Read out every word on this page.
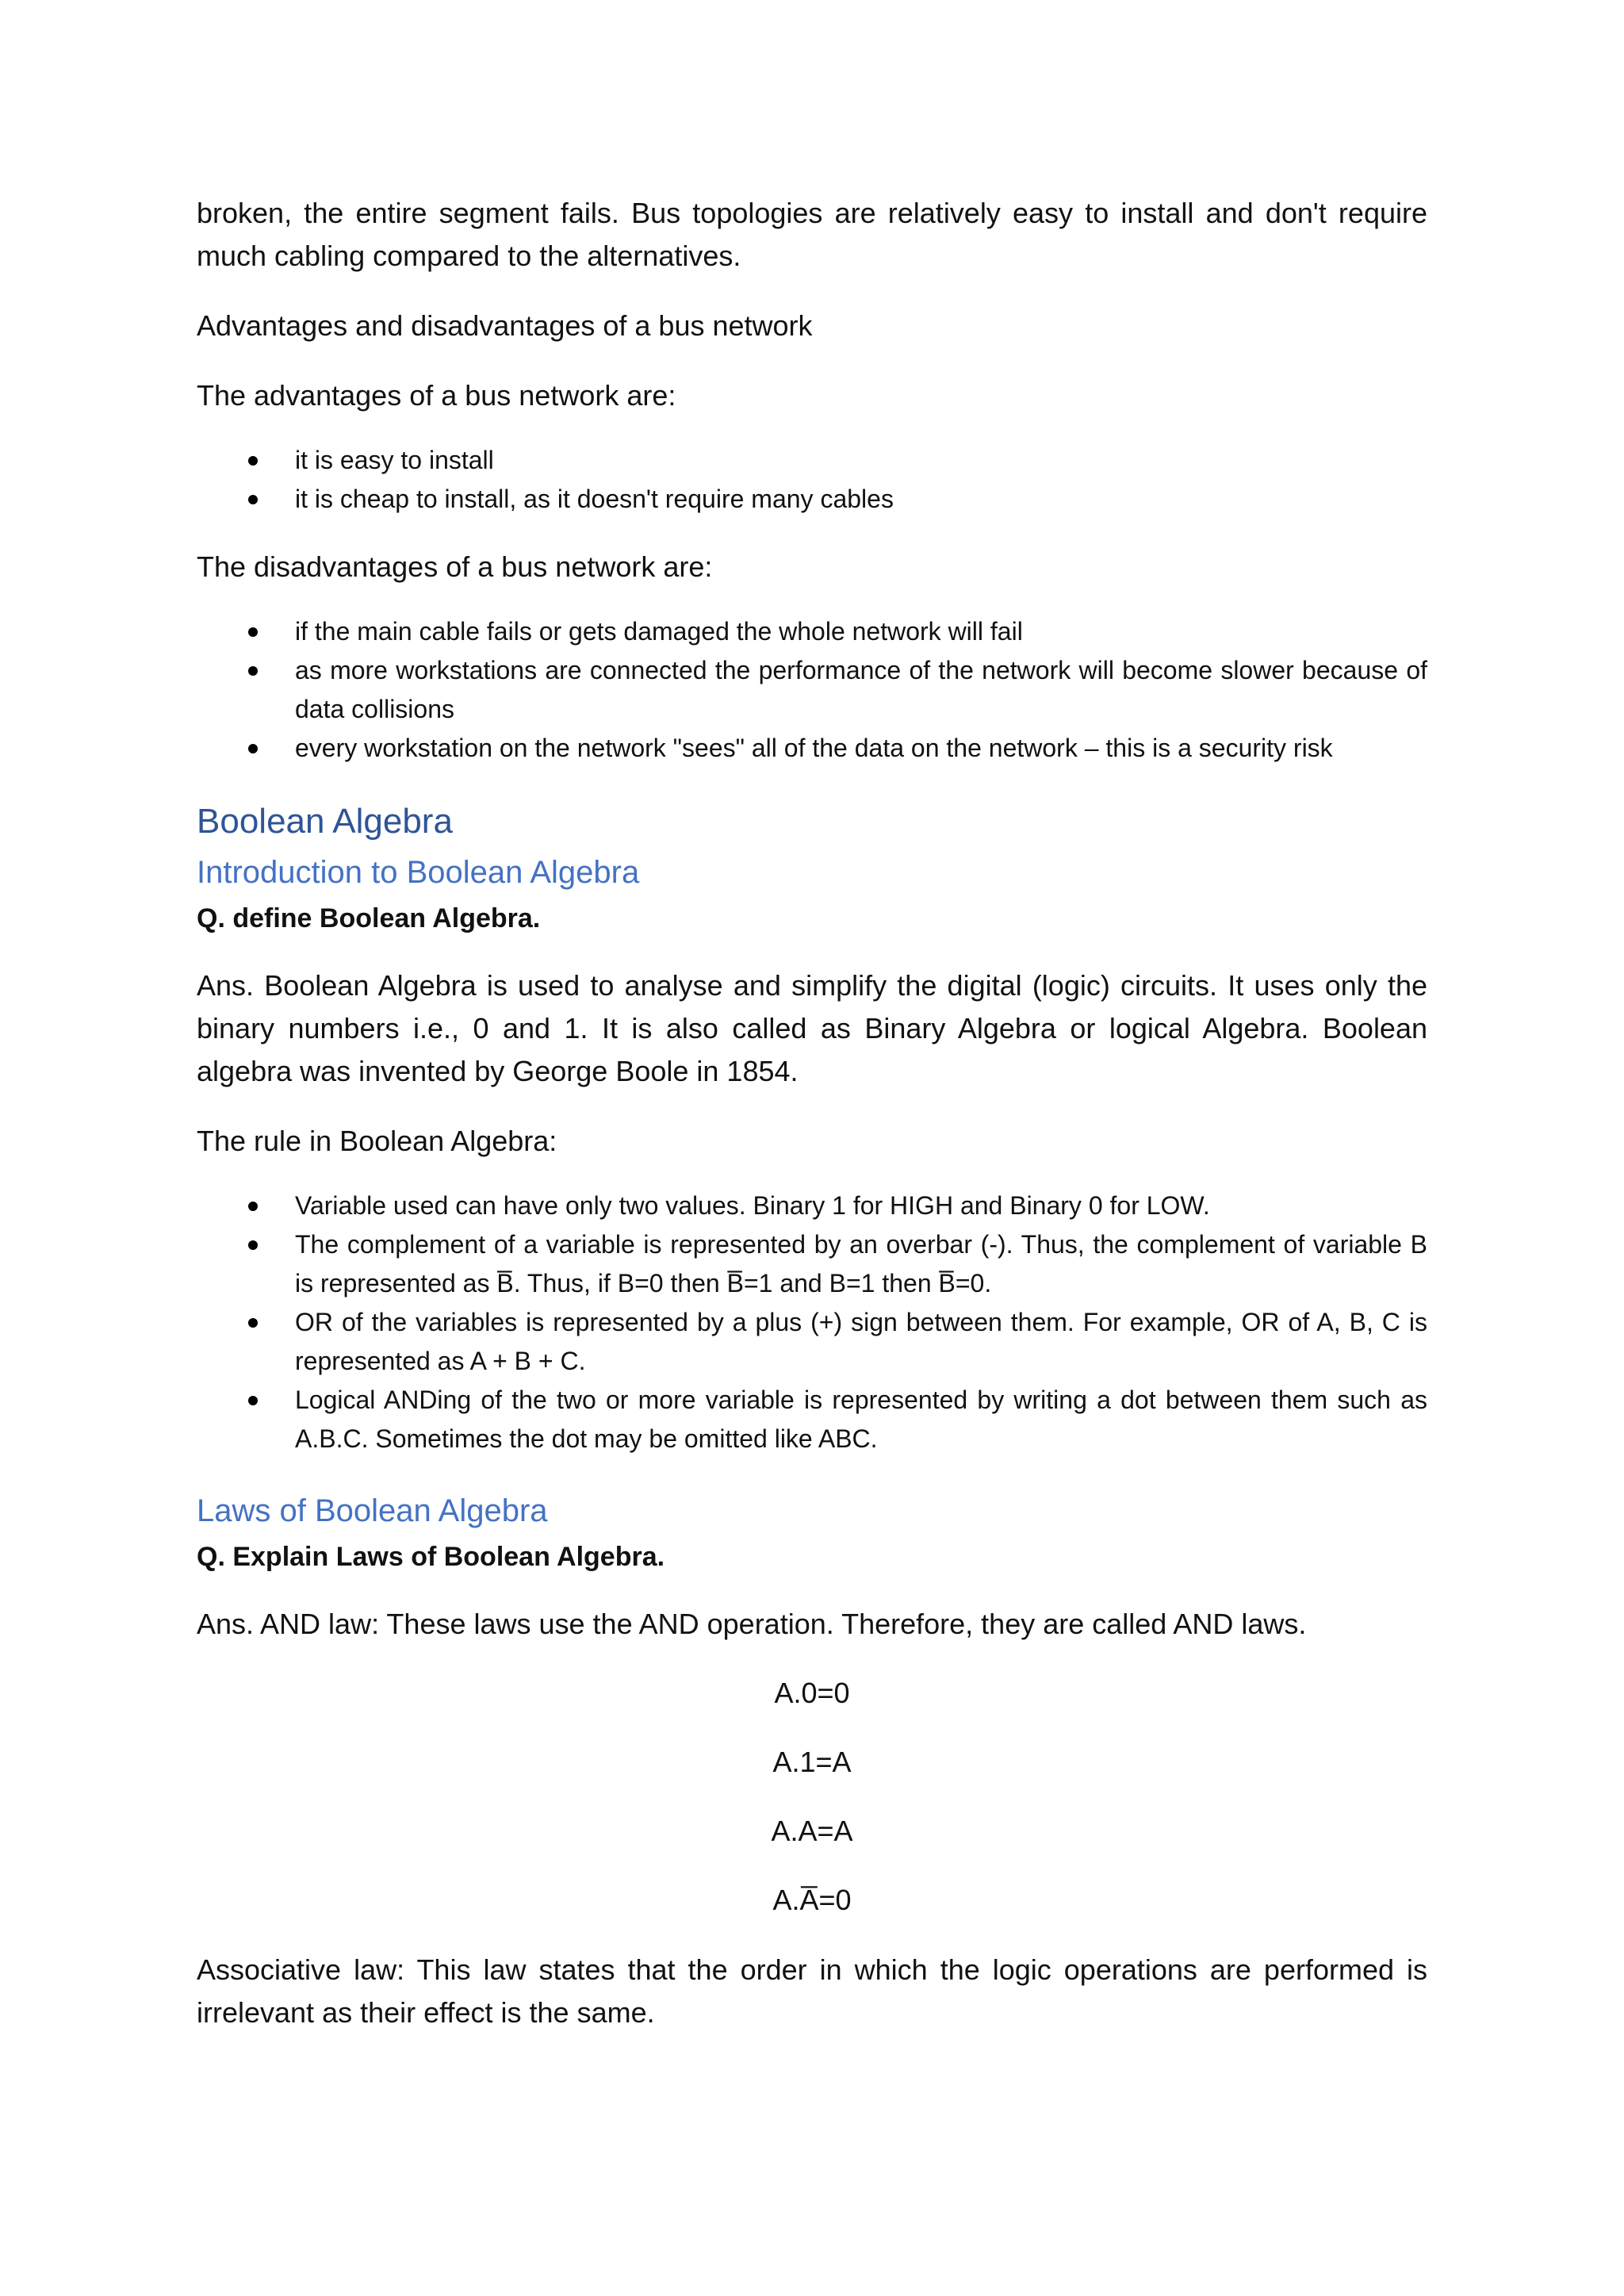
broken, the entire segment fails. Bus topologies are relatively easy to install and don't require much cabling compared to the alternatives.

Advantages and disadvantages of a bus network

The advantages of a bus network are:

it is easy to install
it is cheap to install, as it doesn't require many cables

The disadvantages of a bus network are:

if the main cable fails or gets damaged the whole network will fail
as more workstations are connected the performance of the network will become slower because of data collisions
every workstation on the network "sees" all of the data on the network – this is a security risk
Boolean Algebra
Introduction to Boolean Algebra

Q. define Boolean Algebra.

Ans. Boolean Algebra is used to analyse and simplify the digital (logic) circuits. It uses only the binary numbers i.e., 0 and 1. It is also called as Binary Algebra or logical Algebra. Boolean algebra was invented by George Boole in 1854.

The rule in Boolean Algebra:

Variable used can have only two values. Binary 1 for HIGH and Binary 0 for LOW.
The complement of a variable is represented by an overbar (-). Thus, the complement of variable B is represented as B̅. Thus, if B=0 then B̅=1 and B=1 then B̅=0.
OR of the variables is represented by a plus (+) sign between them. For example, OR of A, B, C is represented as A + B + C.
Logical ANDing of the two or more variable is represented by writing a dot between them such as A.B.C. Sometimes the dot may be omitted like ABC.
Laws of Boolean Algebra

Q. Explain Laws of Boolean Algebra.

Ans. AND law: These laws use the AND operation. Therefore, they are called AND laws.

A.0=0

A.1=A

A.A=A

A.A̅=0

Associative law: This law states that the order in which the logic operations are performed is irrelevant as their effect is the same.
